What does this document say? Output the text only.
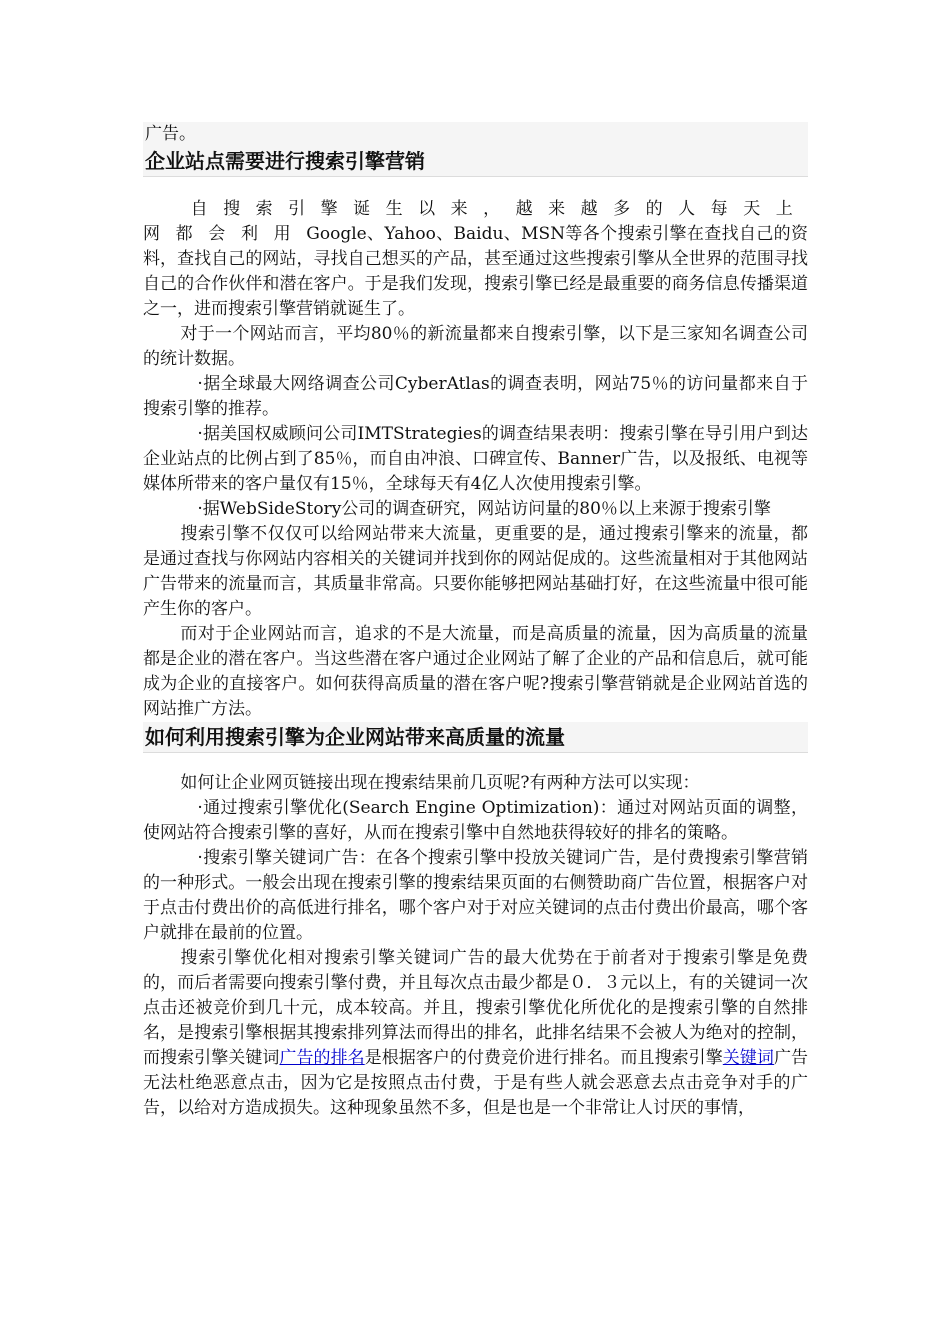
广告。
企业站点需要进行搜索引擎营销

自搜索引擎诞生以来，越来越多的人每天上网都会利用Google、Yahoo、Baidu、MSN等各个搜索引擎在查找自己的资料，查找自己的网站，寻找自己想买的产品，甚至通过这些搜索引擎从全世界的范围寻找自己的合作伙伴和潜在客户。于是我们发现，搜索引擎已经是最重要的商务信息传播渠道之一，进而搜索引擎营销就诞生了。

对于一个网站而言，平均80％的新流量都来自搜索引擎，以下是三家知名调查公司的统计数据。

·据全球最大网络调查公司CyberAtlas的调查表明，网站75％的访问量都来自于搜索引擎的推荐。

·据美国权威顾问公司IMTStrategies的调查结果表明：搜索引擎在导引用户到达企业站点的比例占到了85％，而自由冲浪、口碑宣传、Banner广告，以及报纸、电视等媒体所带来的客户量仅有15％，全球每天有4亿人次使用搜索引擎。

·据WebSideStory公司的调查研究，网站访问量的80％以上来源于搜索引擎

搜索引擎不仅仅可以给网站带来大流量，更重要的是，通过搜索引擎来的流量，都是通过查找与你网站内容相关的关键词并找到你的网站促成的。这些流量相对于其他网站广告带来的流量而言，其质量非常高。只要你能够把网站基础打好，在这些流量中很可能产生你的客户。

而对于企业网站而言，追求的不是大流量，而是高质量的流量，因为高质量的流量都是企业的潜在客户。当这些潜在客户通过企业网站了解了企业的产品和信息后，就可能成为企业的直接客户。如何获得高质量的潜在客户呢?搜索引擎营销就是企业网站首选的网站推广方法。

如何利用搜索引擎为企业网站带来高质量的流量

如何让企业网页链接出现在搜索结果前几页呢?有两种方法可以实现：

·通过搜索引擎优化(Search Engine Optimization)：通过对网站页面的调整，使网站符合搜索引擎的喜好，从而在搜索引擎中自然地获得较好的排名的策略。

·搜索引擎关键词广告：在各个搜索引擎中投放关键词广告，是付费搜索引擎营销的一种形式。一般会出现在搜索引擎的搜索结果页面的右侧赞助商广告位置，根据客户对于点击付费出价的高低进行排名，哪个客户对于对应关键词的点击付费出价最高，哪个客户就排在最前的位置。

搜索引擎优化相对搜索引擎关键词广告的最大优势在于前者对于搜索引擎是免费的，而后者需要向搜索引擎付费，并且每次点击最少都是０．３元以上，有的关键词一次点击还被竞价到几十元，成本较高。并且，搜索引擎优化所优化的是搜索引擎的自然排名，是搜索引擎根据其搜索排列算法而得出的排名，此排名结果不会被人为绝对的控制，而搜索引擎关键词广告的排名是根据客户的付费竞价进行排名。而且搜索引擎关键词广告无法杜绝恶意点击，因为它是按照点击付费，于是有些人就会恶意去点击竞争对手的广告，以给对方造成损失。这种现象虽然不多，但是也是一个非常让人讨厌的事情，
